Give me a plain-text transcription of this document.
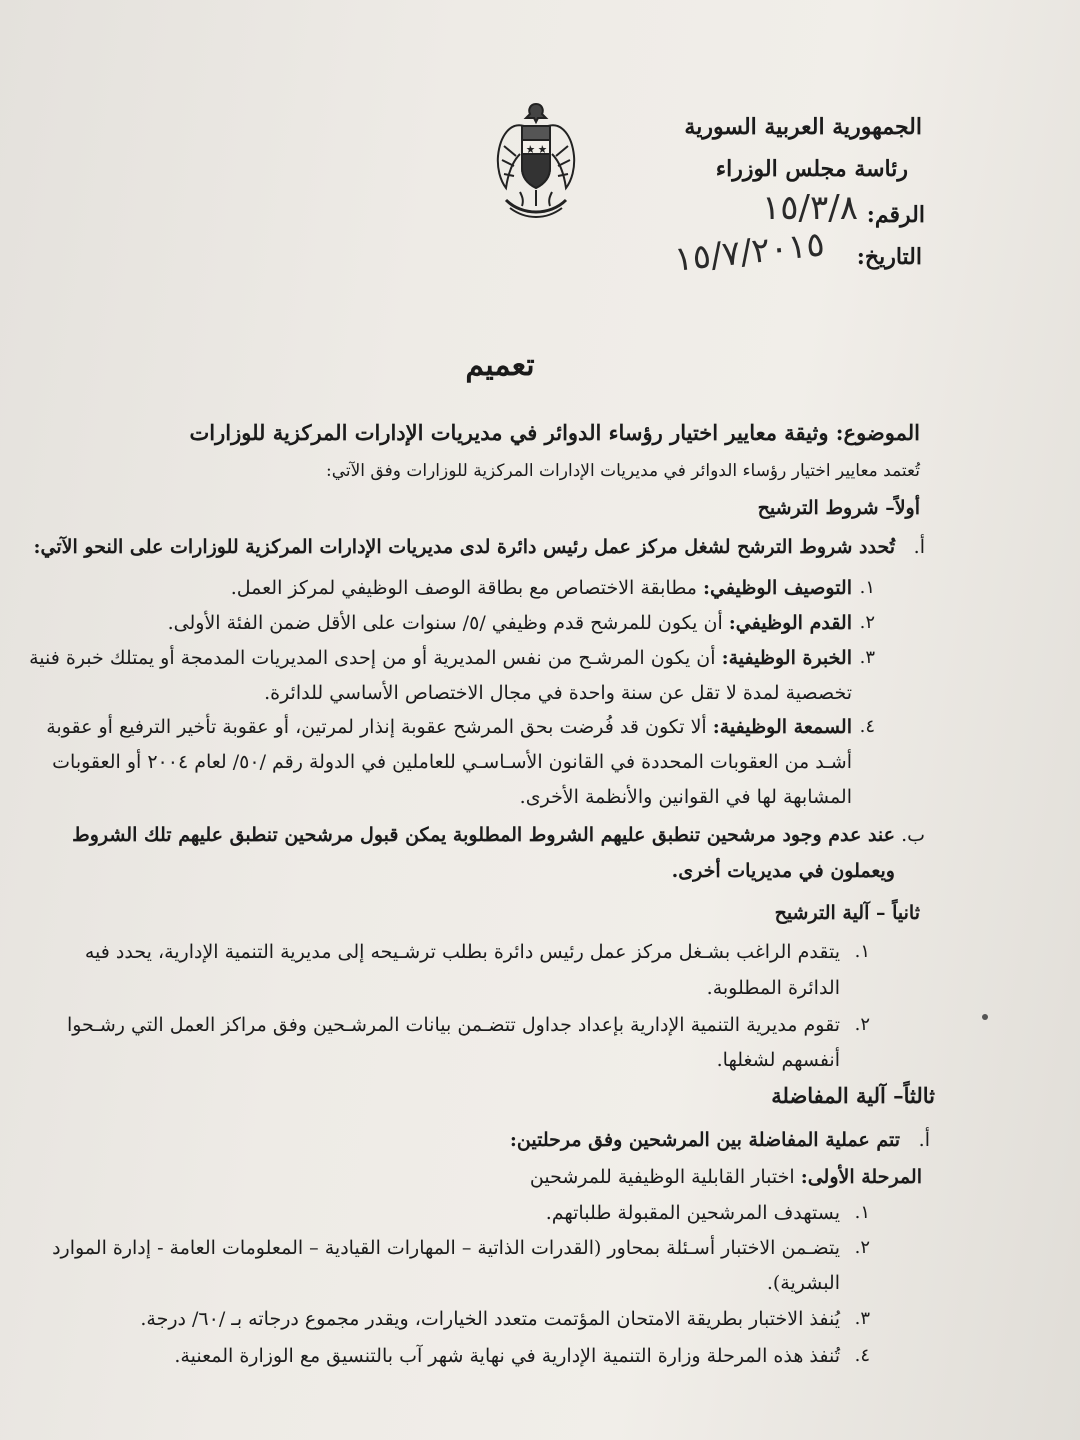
الجمهورية العربية السورية
رئاسة مجلس الوزراء
الرقم:
١٥/٣/٨
التاريخ:
١٥/٧/٢٠١٥
تعميم
الموضوع: وثيقة معايير اختيار رؤساء الدوائر في مديريات الإدارات المركزية للوزارات
تُعتمد معايير اختيار رؤساء الدوائر في مديريات الإدارات المركزية للوزارات وفق الآتي:
أولاً– شروط الترشيح
أ.
تُحدد شروط الترشح لشغل مركز عمل رئيس دائرة لدى مديريات الإدارات المركزية للوزارات على النحو الآتي:
١.
التوصيف الوظيفي: مطابقة الاختصاص مع بطاقة الوصف الوظيفي لمركز العمل.
٢.
القدم الوظيفي: أن يكون للمرشح قدم وظيفي /٥/ سنوات على الأقل ضمن الفئة الأولى.
٣.
الخبرة الوظيفية: أن يكون المرشـح من نفس المديرية أو من إحدى المديريات المدمجة أو يمتلك خبرة فنية
تخصصية لمدة لا تقل عن سنة واحدة في مجال الاختصاص الأساسي للدائرة.
٤.
السمعة الوظيفية: ألا تكون قد فُرضت بحق المرشح عقوبة إنذار لمرتين، أو عقوبة تأخير الترفيع أو عقوبة
أشـد من العقوبات المحددة في القانون الأسـاسـي للعاملين في الدولة رقم /٥٠/ لعام ٢٠٠٤ أو العقوبات
المشابهة لها في القوانين والأنظمة الأخرى.
ب.
عند عدم وجود مرشحين تنطبق عليهم الشروط المطلوبة يمكن قبول مرشحين تنطبق عليهم تلك الشروط
ويعملون في مديريات أخرى.
ثانياً – آلية الترشيح
١.
يتقدم الراغب بشـغل مركز عمل رئيس دائرة بطلب ترشـيحه إلى مديرية التنمية الإدارية، يحدد فيه
الدائرة المطلوبة.
٢.
تقوم مديرية التنمية الإدارية بإعداد جداول تتضـمن بيانات المرشـحين وفق مراكز العمل التي رشـحوا
أنفسهم لشغلها.
ثالثاً– آلية المفاضلة
أ.
تتم عملية المفاضلة بين المرشحين وفق مرحلتين:
المرحلة الأولى: اختبار القابلية الوظيفية للمرشحين
١.
يستهدف المرشحين المقبولة طلباتهم.
٢.
يتضـمن الاختبار أسـئلة بمحاور (القدرات الذاتية – المهارات القيادية – المعلومات العامة - إدارة الموارد
البشرية).
٣.
يُنفذ الاختبار بطريقة الامتحان المؤتمت متعدد الخيارات، ويقدر مجموع درجاته بـ /٦٠/ درجة.
٤.
تُنفذ هذه المرحلة وزارة التنمية الإدارية في نهاية شهر آب بالتنسيق مع الوزارة المعنية.
